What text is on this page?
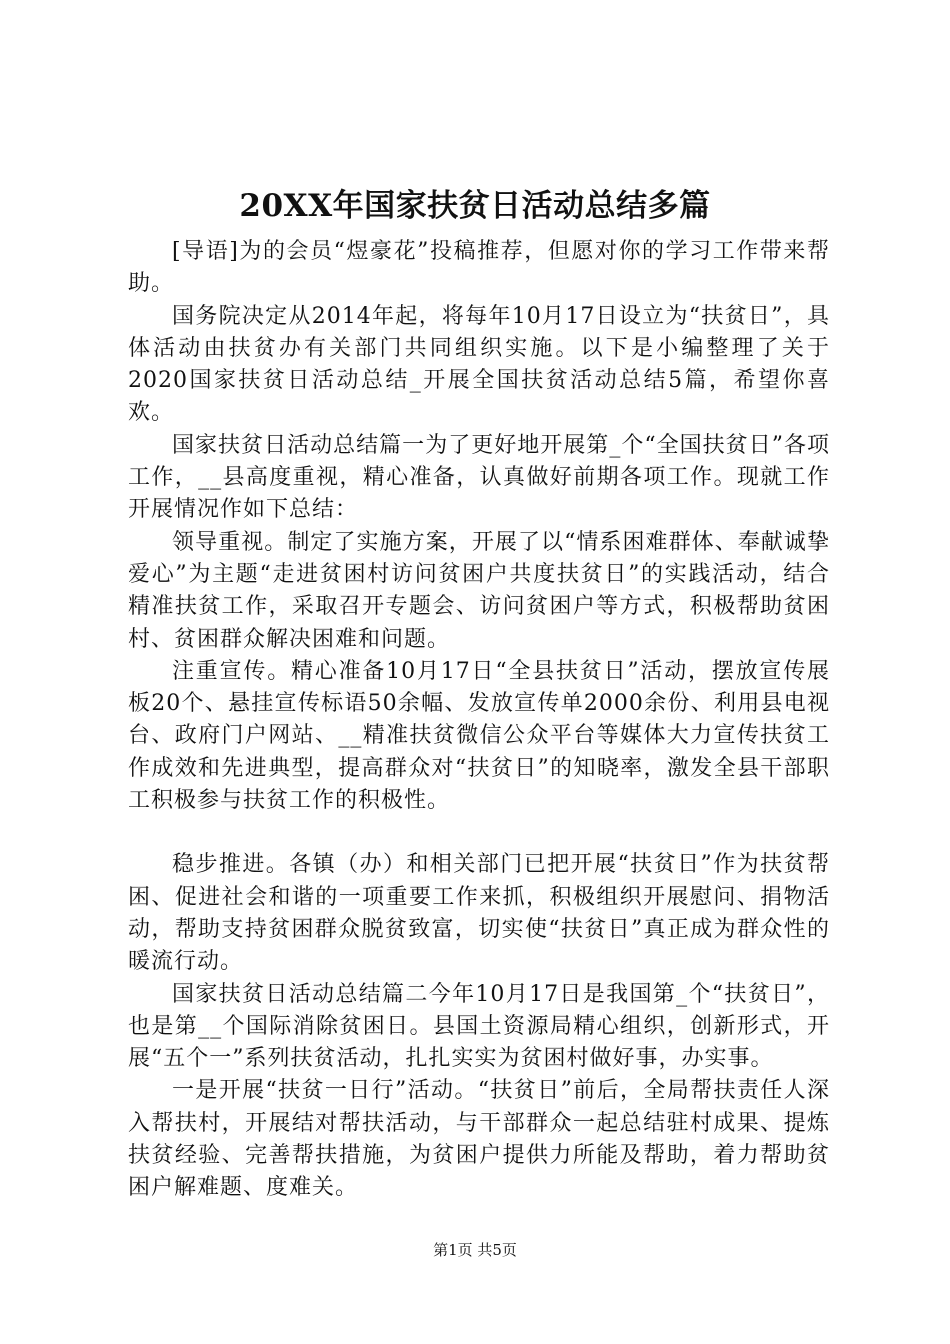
20XX年国家扶贫日活动总结多篇

[导语]为的会员“煜豪花”投稿推荐，但愿对你的学习工作带来帮助。

国务院决定从2014年起，将每年10月17日设立为“扶贫日”，具体活动由扶贫办有关部门共同组织实施。以下是小编整理了关于2020国家扶贫日活动总结_开展全国扶贫活动总结5篇，希望你喜欢。

国家扶贫日活动总结篇一为了更好地开展第_个“全国扶贫日”各项工作，__县高度重视，精心准备，认真做好前期各项工作。现就工作开展情况作如下总结：

领导重视。制定了实施方案，开展了以“情系困难群体、奉献诚挚爱心”为主题“走进贫困村访问贫困户共度扶贫日”的实践活动，结合精准扶贫工作，采取召开专题会、访问贫困户等方式，积极帮助贫困村、贫困群众解决困难和问题。

注重宣传。精心准备10月17日“全县扶贫日”活动，摆放宣传展板20个、悬挂宣传标语50余幅、发放宣传单2000余份、利用县电视台、政府门户网站、__精准扶贫微信公众平台等媒体大力宣传扶贫工作成效和先进典型，提高群众对“扶贫日”的知晓率，激发全县干部职工积极参与扶贫工作的积极性。

稳步推进。各镇（办）和相关部门已把开展“扶贫日”作为扶贫帮困、促进社会和谐的一项重要工作来抓，积极组织开展慰问、捐物活动，帮助支持贫困群众脱贫致富，切实使“扶贫日”真正成为群众性的暖流行动。

国家扶贫日活动总结篇二今年10月17日是我国第_个“扶贫日”，也是第__个国际消除贫困日。县国土资源局精心组织，创新形式，开展“五个一”系列扶贫活动，扎扎实实为贫困村做好事，办实事。

一是开展“扶贫一日行”活动。“扶贫日”前后，全局帮扶责任人深入帮扶村，开展结对帮扶活动，与干部群众一起总结驻村成果、提炼扶贫经验、完善帮扶措施，为贫困户提供力所能及帮助，着力帮助贫困户解难题、度难关。

第1页 共5页
